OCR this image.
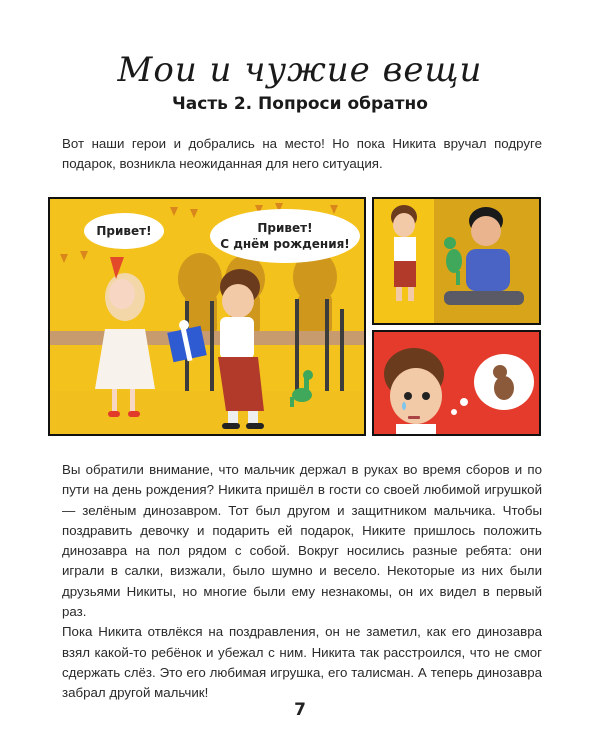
Мои и чужие вещи
Часть 2. Попроси обратно
Вот наши герои и добрались на место! Но пока Никита вручал подруге подарок, возникла неожиданная для него ситуация.
Привет!	Привет!
С днём рождения!

Вы обратили внимание, что мальчик держал в руках во время сборов и по пути на день рождения? Никита пришёл в гости со своей любимой игрушкой — зелёным динозавром. Тот был другом и защитником мальчика. Чтобы поздравить девочку и подарить ей подарок, Никите пришлось положить динозавра на пол рядом с собой. Вокруг носились разные ребята: они играли в салки, визжали, было шумно и весело. Некоторые из них были друзьями Никиты, но многие были ему незнакомы, он их видел в первый раз.

Пока Никита отвлёкся на поздравления, он не заметил, как его динозавра взял какой-то ребёнок и убежал с ним. Никита так расстроился, что не смог сдержать слёз. Это его любимая игрушка, его талисман. А теперь динозавра забрал другой мальчик!

7
